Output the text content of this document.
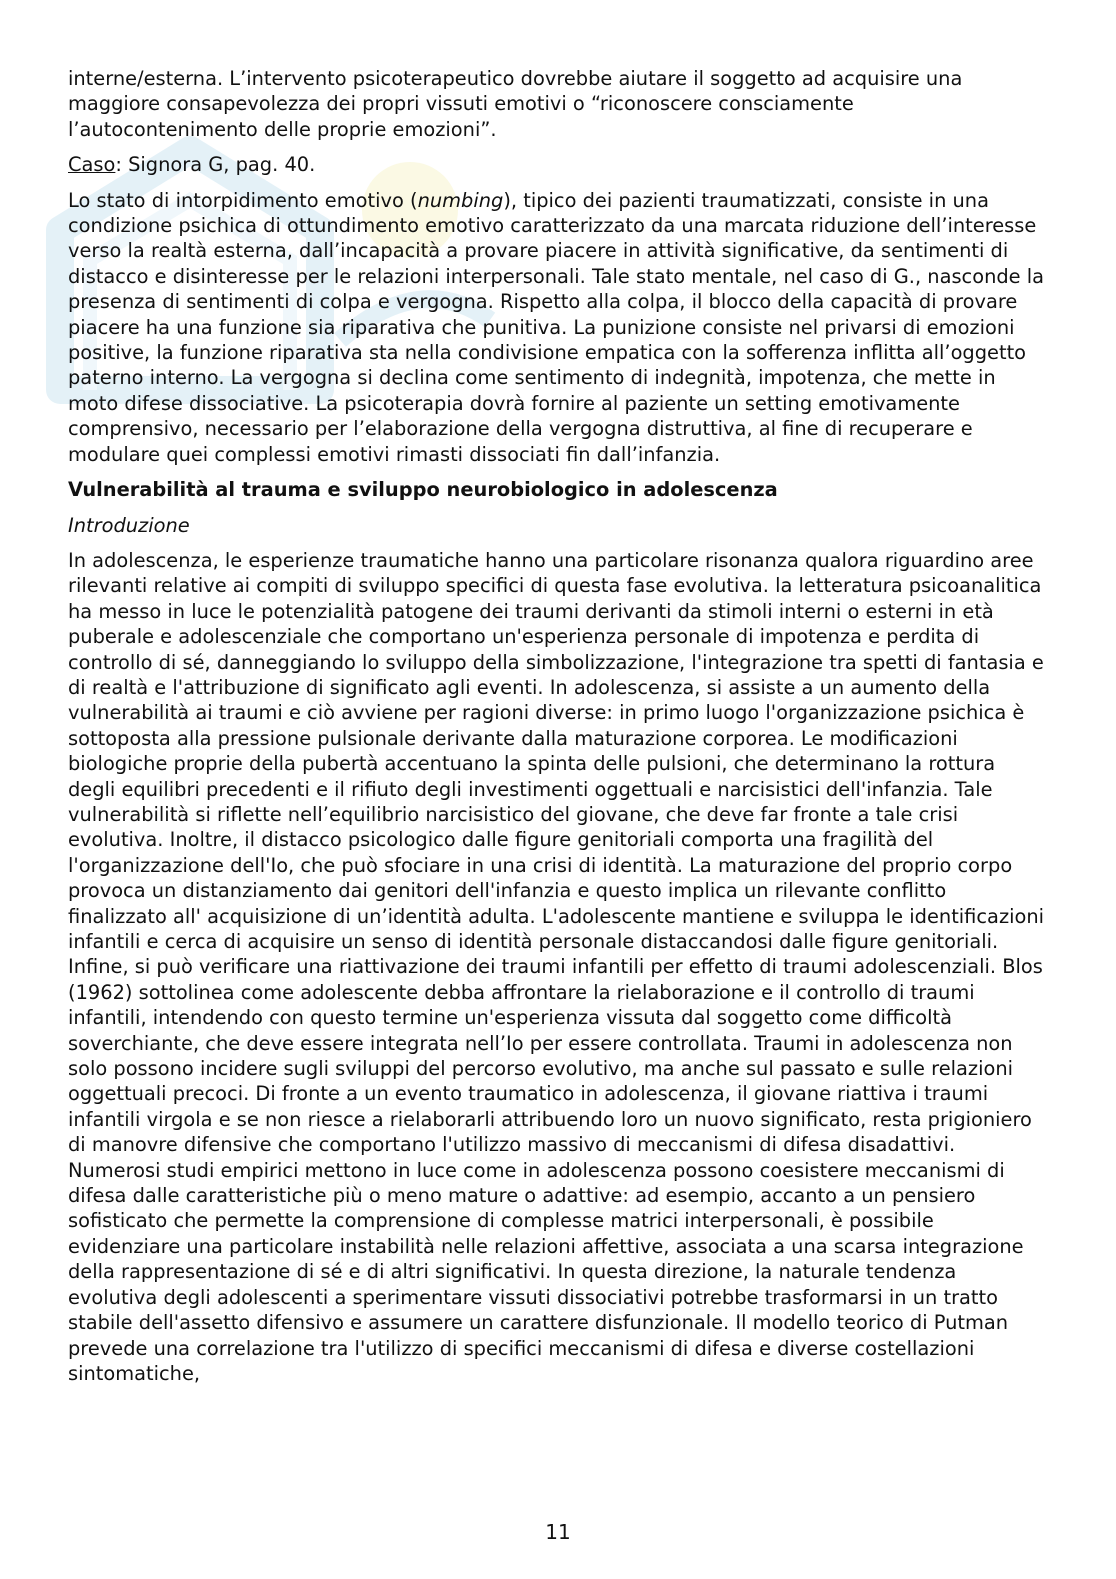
interne/esterna. L’intervento psicoterapeutico dovrebbe aiutare il soggetto ad acquisire una maggiore consapevolezza dei propri vissuti emotivi o “riconoscere consciamente l’autocontenimento delle proprie emozioni”.

Caso: Signora G, pag. 40.

Lo stato di intorpidimento emotivo (numbing), tipico dei pazienti traumatizzati, consiste in una condizione psichica di ottundimento emotivo caratterizzato da una marcata riduzione dell’interesse verso la realtà esterna, dall’incapacità a provare piacere in attività significative, da sentimenti di distacco e disinteresse per le relazioni interpersonali. Tale stato mentale, nel caso di G., nasconde la presenza di sentimenti di colpa e vergogna. Rispetto alla colpa, il blocco della capacità di provare piacere ha una funzione sia riparativa che punitiva. La punizione consiste nel privarsi di emozioni positive, la funzione riparativa sta nella condivisione empatica con la sofferenza inflitta all’oggetto paterno interno. La vergogna si declina come sentimento di indegnità, impotenza, che mette in moto difese dissociative. La psicoterapia dovrà fornire al paziente un setting emotivamente comprensivo, necessario per l’elaborazione della vergogna distruttiva, al fine di recuperare e modulare quei complessi emotivi rimasti dissociati fin dall’infanzia.

Vulnerabilità al trauma e sviluppo neurobiologico in adolescenza
Introduzione

In adolescenza, le esperienze traumatiche hanno una particolare risonanza qualora riguardino aree rilevanti relative ai compiti di sviluppo specifici di questa fase evolutiva. la letteratura psicoanalitica ha messo in luce le potenzialità patogene dei traumi derivanti da stimoli interni o esterni in età puberale e adolescenziale che comportano un'esperienza personale di impotenza e perdita di controllo di sé, danneggiando lo sviluppo della simbolizzazione, l'integrazione tra spetti di fantasia e di realtà e l'attribuzione di significato agli eventi. In adolescenza, si assiste a un aumento della vulnerabilità ai traumi e ciò avviene per ragioni diverse: in primo luogo l'organizzazione psichica è sottoposta alla pressione pulsionale derivante dalla maturazione corporea. Le modificazioni biologiche proprie della pubertà accentuano la spinta delle pulsioni, che determinano la rottura degli equilibri precedenti e il rifiuto degli investimenti oggettuali e narcisistici dell'infanzia. Tale vulnerabilità si riflette nell’equilibrio narcisistico del giovane, che deve far fronte a tale crisi evolutiva. Inoltre, il distacco psicologico dalle figure genitoriali comporta una fragilità del l'organizzazione dell'Io, che può sfociare in una crisi di identità. La maturazione del proprio corpo provoca un distanziamento dai genitori dell'infanzia e questo implica un rilevante conflitto finalizzato all' acquisizione di un’identità adulta. L'adolescente mantiene e sviluppa le identificazioni infantili e cerca di acquisire un senso di identità personale distaccandosi dalle figure genitoriali. Infine, si può verificare una riattivazione dei traumi infantili per effetto di traumi adolescenziali. Blos (1962) sottolinea come adolescente debba affrontare la rielaborazione e il controllo di traumi infantili, intendendo con questo termine un'esperienza vissuta dal soggetto come difficoltà soverchiante, che deve essere integrata nell’Io per essere controllata. Traumi in adolescenza non solo possono incidere sugli sviluppi del percorso evolutivo, ma anche sul passato e sulle relazioni oggettuali precoci. Di fronte a un evento traumatico in adolescenza, il giovane riattiva i traumi infantili virgola e se non riesce a rielaborarli attribuendo loro un nuovo significato, resta prigioniero di manovre difensive che comportano l'utilizzo massivo di meccanismi di difesa disadattivi. Numerosi studi empirici mettono in luce come in adolescenza possono coesistere meccanismi di difesa dalle caratteristiche più o meno mature o adattive: ad esempio, accanto a un pensiero sofisticato che permette la comprensione di complesse matrici interpersonali, è possibile evidenziare una particolare instabilità nelle relazioni affettive, associata a una scarsa integrazione della rappresentazione di sé e di altri significativi. In questa direzione, la naturale tendenza evolutiva degli adolescenti a sperimentare vissuti dissociativi potrebbe trasformarsi in un tratto stabile dell'assetto difensivo e assumere un carattere disfunzionale. Il modello teorico di Putman prevede una correlazione tra l'utilizzo di specifici meccanismi di difesa e diverse costellazioni sintomatiche,

11
